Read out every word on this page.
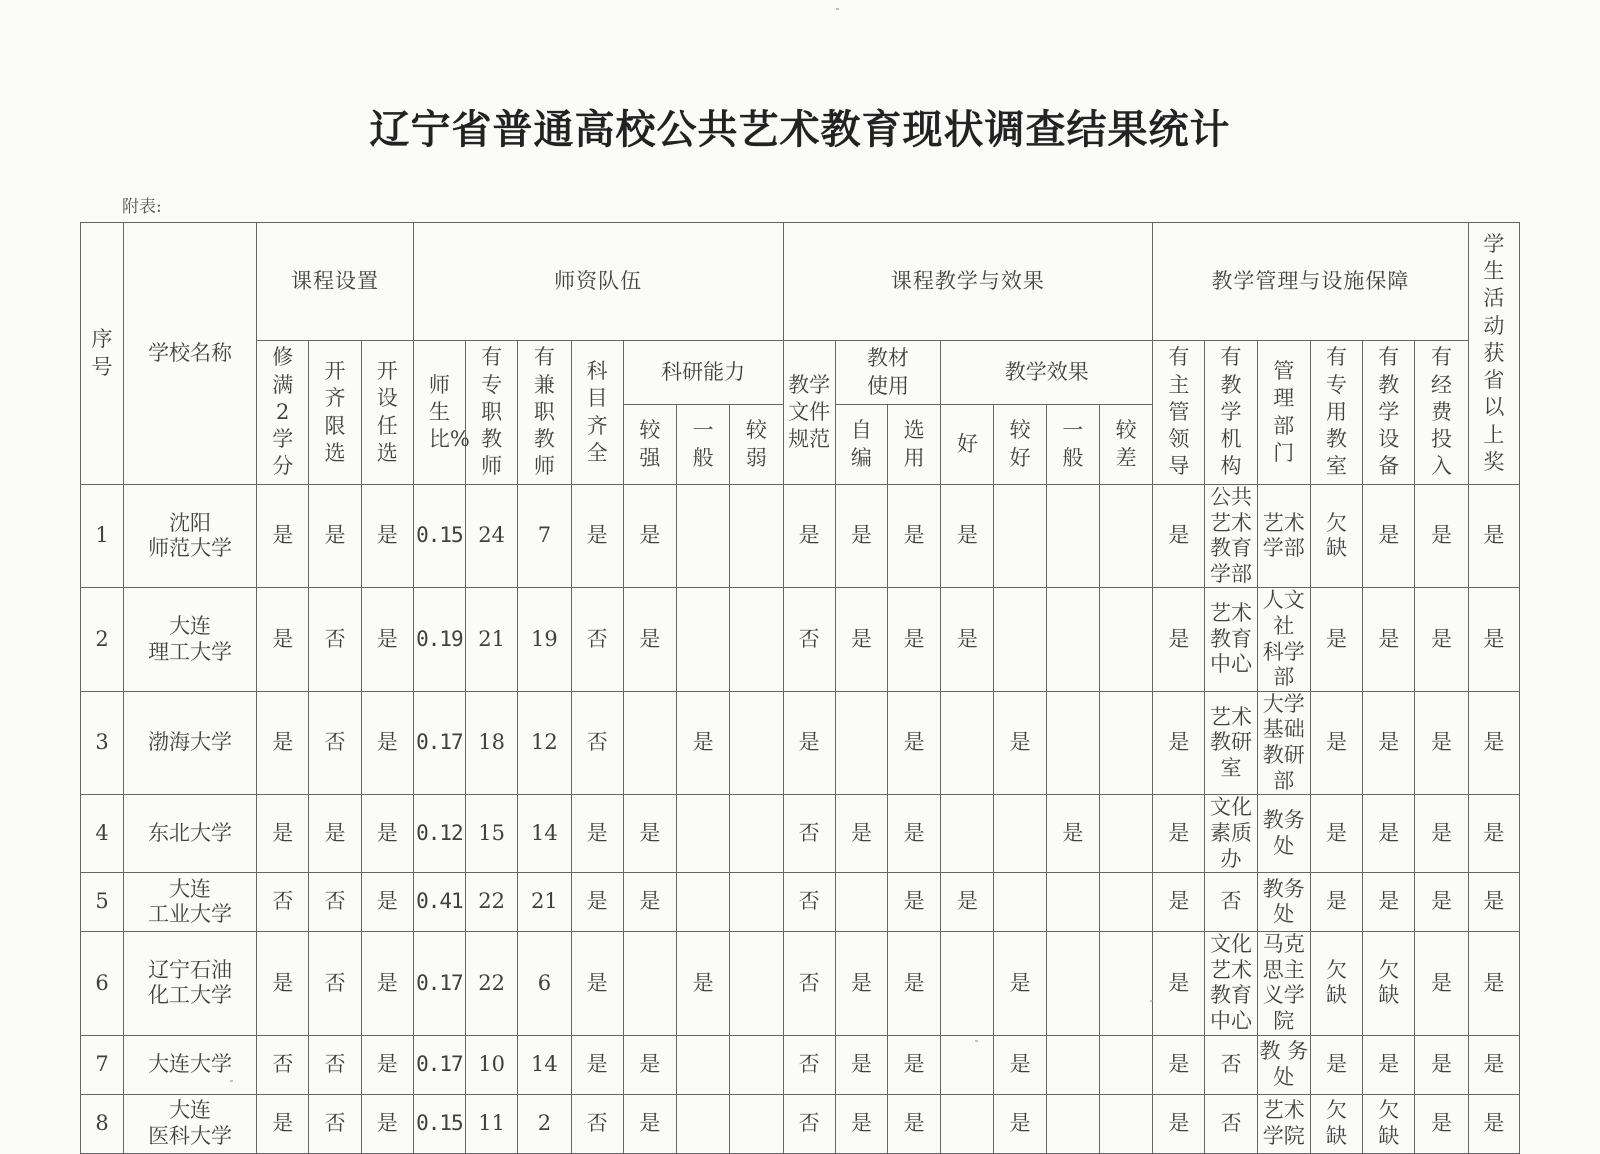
辽宁省普通高校公共艺术教育现状调查结果统计
附表:
序号	学校名称	课程设置			师资队伍							课程教学与效果							教学管理与设施保障						学生活动获省以上奖

		修满2学分	开齐限选	开设任选	师生比%	有专职教师	有兼职教师	科目齐全	科研能力			教学文件规范	教材使用		教学效果				有主管领导	有教学机构	管理部门	有专用教室	有教学设备	有经费投入	

									较强	一般	较弱		自编	选用	好	较好	一般	较差							

1	沈阳
师范大学	是	是	是	0.15	24	7	是	是			是	是	是	是				是	公共艺术
教育学部	艺术
学部	欠
缺	是	是	是
2	大连
理工大学	是	否	是	0.19	21	19	否	是			否	是	是	是				是	艺术
教育中心	人文社
科学部	是	是	是	是
3	渤海大学	是	否	是	0.17	18	12	否		是		是		是		是			是	艺术
教研室	大学基础
教研部	是	是	是	是
4	东北大学	是	是	是	0.12	15	14	是	是			否	是	是			是		是	文化
素质办	教务
处	是	是	是	是
5	大连
工业大学	否	否	是	0.41	22	21	是	是			否		是	是				是	否	教务
处	是	是	是	是
6	辽宁石油
化工大学	是	否	是	0.17	22	6	是		是		否	是	是		是			是	文化艺术
教育中心	马克思主
义学院	欠
缺	欠
缺	是	是
7	大连大学	否	否	是	0.17	10	14	是	是			否	是	是		是			是	否	教 务
处	是	是	是	是
8	大连
医科大学	是	否	是	0.15	11	2	否	是			否	是	是		是			是	否	艺术
学院	欠
缺	欠
缺	是	是
